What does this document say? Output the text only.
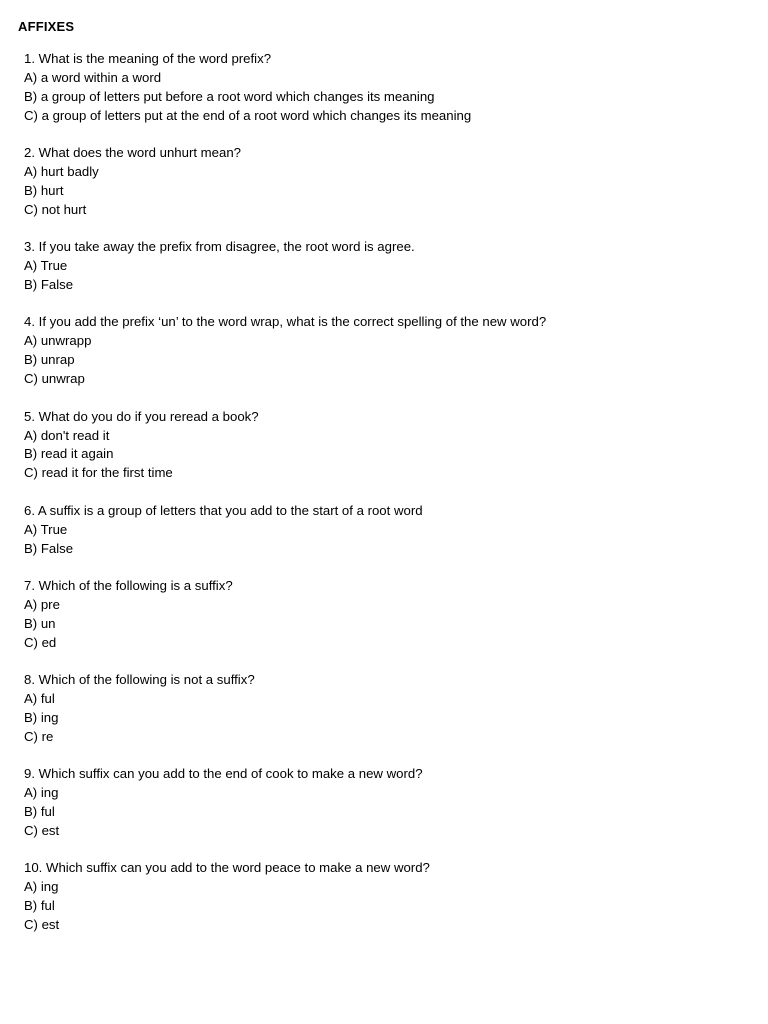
AFFIXES
1. What is the meaning of the word prefix?
A) a word within a word
B) a group of letters put before a root word which changes its meaning
C) a group of letters put at the end of a root word which changes its meaning
2. What does the word unhurt mean?
A) hurt badly
B) hurt
C) not hurt
3. If you take away the prefix from disagree, the root word is agree.
A) True
B) False
4. If you add the prefix ‘un’ to the word wrap, what is the correct spelling of the new word?
A) unwrapp
B) unrap
C) unwrap
5. What do you do if you reread a book?
A) don't read it
B) read it again
C) read it for the first time
6. A suffix is a group of letters that you add to the start of a root word
A) True
B) False
7. Which of the following is a suffix?
A) pre
B) un
C) ed
8. Which of the following is not a suffix?
A) ful
B) ing
C) re
9. Which suffix can you add to the end of cook to make a new word?
A) ing
B) ful
C) est
10. Which suffix can you add to the word peace to make a new word?
A) ing
B) ful
C) est
